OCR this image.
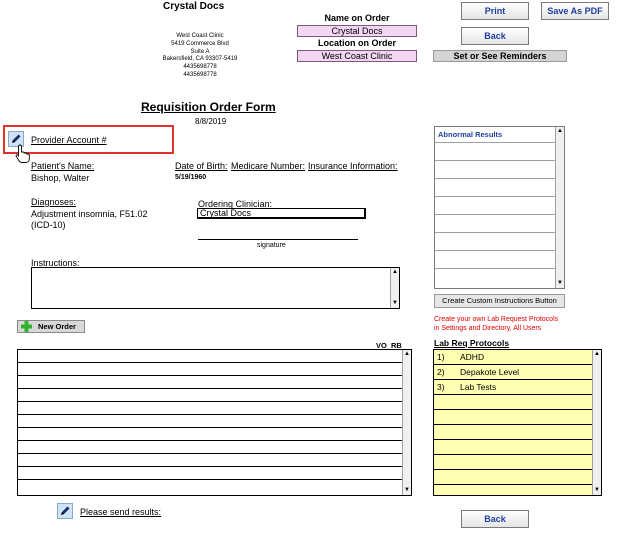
Crystal Docs
West Coast Clinic
5419 Commerce Blvd
Suite A
Bakersfield, CA 93307-5419
4435698778
4435698778
Name on Order
Crystal Docs
Location on Order
West Coast Clinic
Print	Save As PDF
Back
Set or See Reminders
Requisition Order Form
8/8/2019
Provider Account #
Patient's Name:
Bishop, Walter
Date of Birth:
5/19/1960
Medicare Number: Insurance Information:
Diagnoses:
Adjustment insomnia, F51.02
(ICD-10)
Ordering Clinician:
Crystal Docs
signature
Instructions:
▲
▼
New Order
VO RB
▲
▼
Please send results:
Abnormal Results	▲
▼
Create Custom Instructions Button
Create your own Lab Request Protocols
in Settings and Directory, All Users
Lab Req Protocols
1) ADHD
2) Depakote Level
3) Lab Tests
▲
▼
Back
